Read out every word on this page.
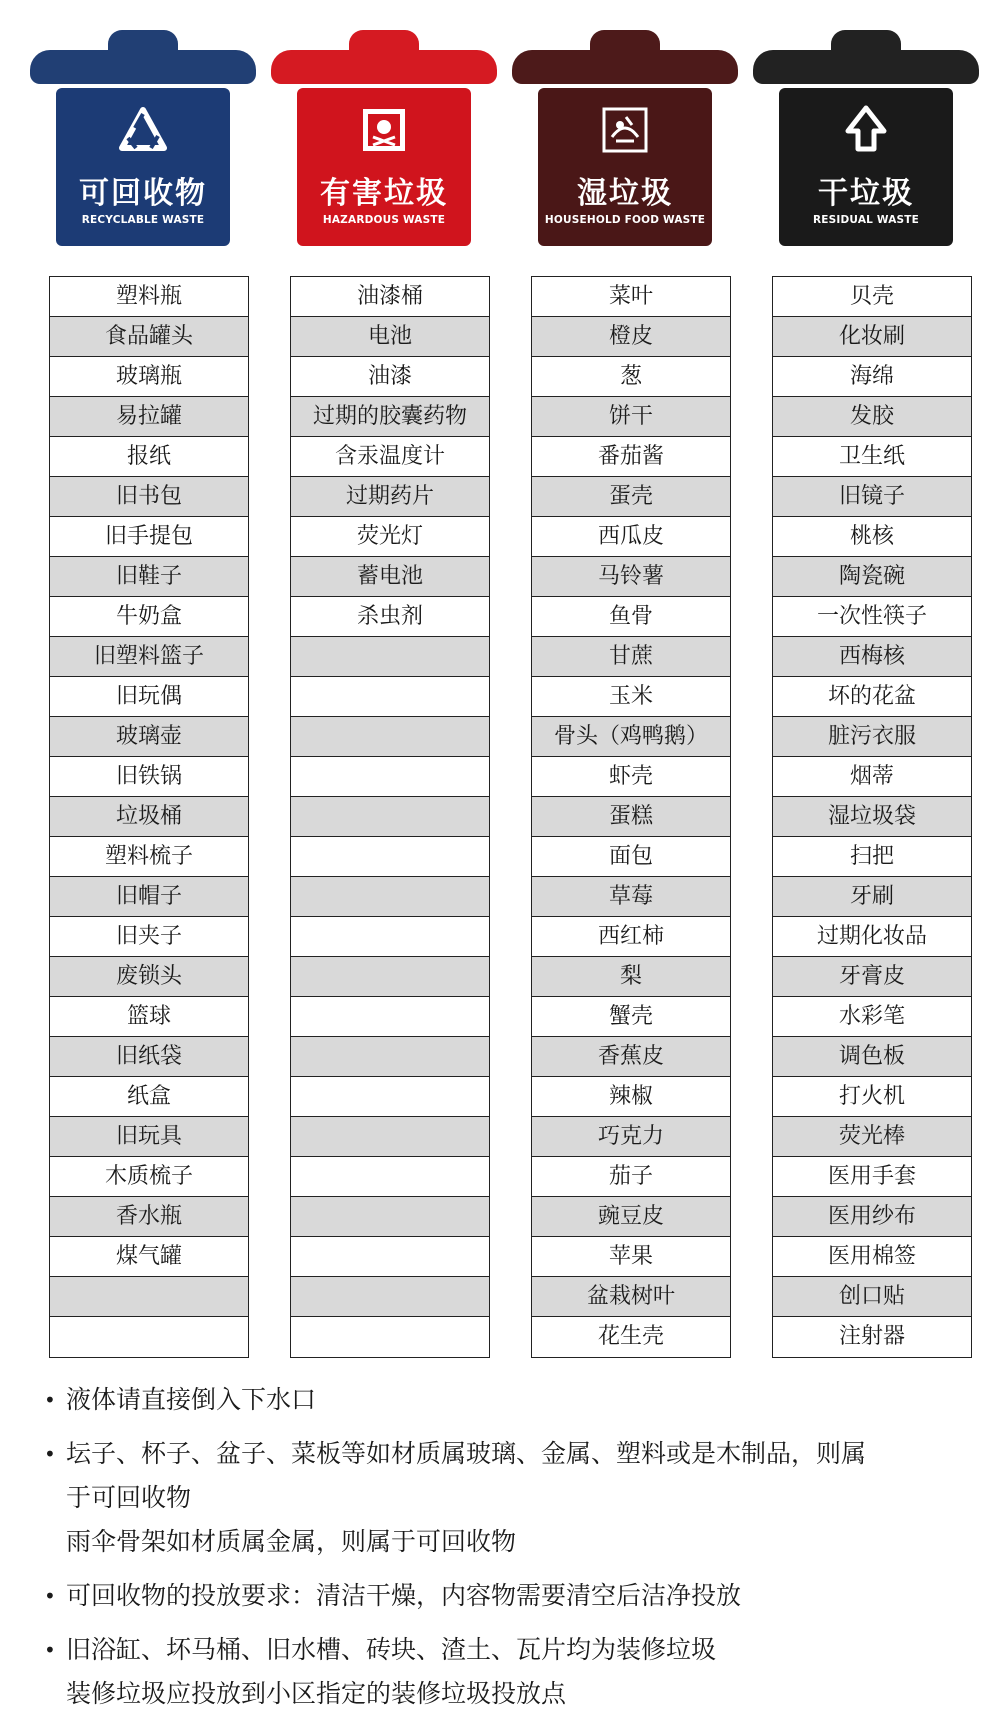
可回收物
RECYCLABLE WASTE
有害垃圾
HAZARDOUS WASTE
湿垃圾
HOUSEHOLD FOOD WASTE
干垃圾
RESIDUAL WASTE
塑料瓶
食品罐头
玻璃瓶
易拉罐
报纸
旧书包
旧手提包
旧鞋子
牛奶盒
旧塑料篮子
旧玩偶
玻璃壶
旧铁锅
垃圾桶
塑料梳子
旧帽子
旧夹子
废锁头
篮球
旧纸袋
纸盒
旧玩具
木质梳子
香水瓶
煤气罐
油漆桶
电池
油漆
过期的胶囊药物
含汞温度计
过期药片
荧光灯
蓄电池
杀虫剂
菜叶
橙皮
葱
饼干
番茄酱
蛋壳
西瓜皮
马铃薯
鱼骨
甘蔗
玉米
骨头（鸡鸭鹅）
虾壳
蛋糕
面包
草莓
西红柿
梨
蟹壳
香蕉皮
辣椒
巧克力
茄子
豌豆皮
苹果
盆栽树叶
花生壳
贝壳
化妆刷
海绵
发胶
卫生纸
旧镜子
桃核
陶瓷碗
一次性筷子
西梅核
坏的花盆
脏污衣服
烟蒂
湿垃圾袋
扫把
牙刷
过期化妆品
牙膏皮
水彩笔
调色板
打火机
荧光棒
医用手套
医用纱布
医用棉签
创口贴
注射器
• 液体请直接倒入下水口
• 坛子、杯子、盆子、菜板等如材质属玻璃、金属、塑料或是木制品，则属
于可回收物
雨伞骨架如材质属金属，则属于可回收物
• 可回收物的投放要求：清洁干燥，内容物需要清空后洁净投放
• 旧浴缸、坏马桶、旧水槽、砖块、渣土、瓦片均为装修垃圾
装修垃圾应投放到小区指定的装修垃圾投放点
